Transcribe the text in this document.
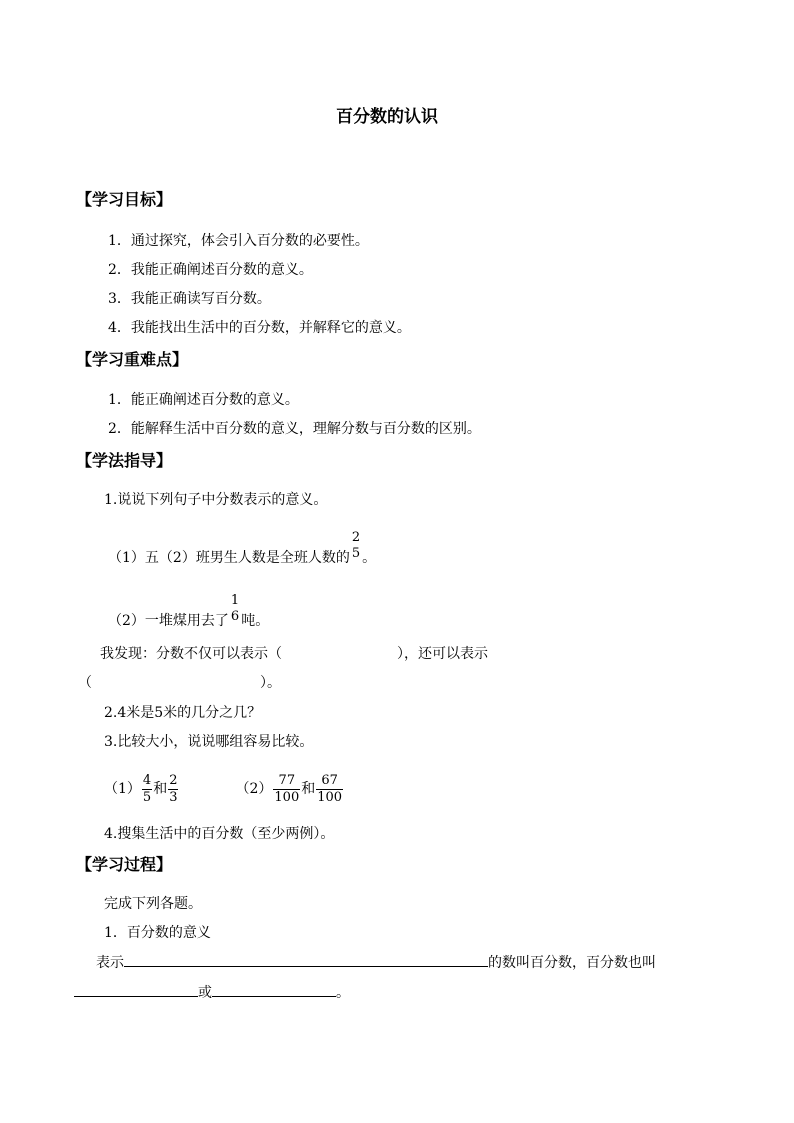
百分数的认识
【学习目标】
1．通过探究，体会引入百分数的必要性。
2．我能正确阐述百分数的意义。
3．我能正确读写百分数。
4．我能找出生活中的百分数，并解释它的意义。
【学习重难点】
1．能正确阐述百分数的意义。
2．能解释生活中百分数的意义，理解分数与百分数的区别。
【学法指导】
1.说说下列句子中分数表示的意义。
（1）五（2）班男生人数是全班人数的
2
5 。
（2）一堆煤用去了
1
6 吨。
我发现：分数不仅可以表示（	），还可以表示
（	）。
2.4米是5米的几分之几？
3.比较大小，说说哪组容易比较。
$(1) \frac{4}{5}$ 和 $\frac{2}{3}$	$(2) \frac{77}{100}$ 和 $\frac{67}{100}$
4.搜集生活中的百分数（至少两例）。
【学习过程】
完成下列各题。
1．百分数的意义
表示	的数叫百分数，百分数也叫
或	。
